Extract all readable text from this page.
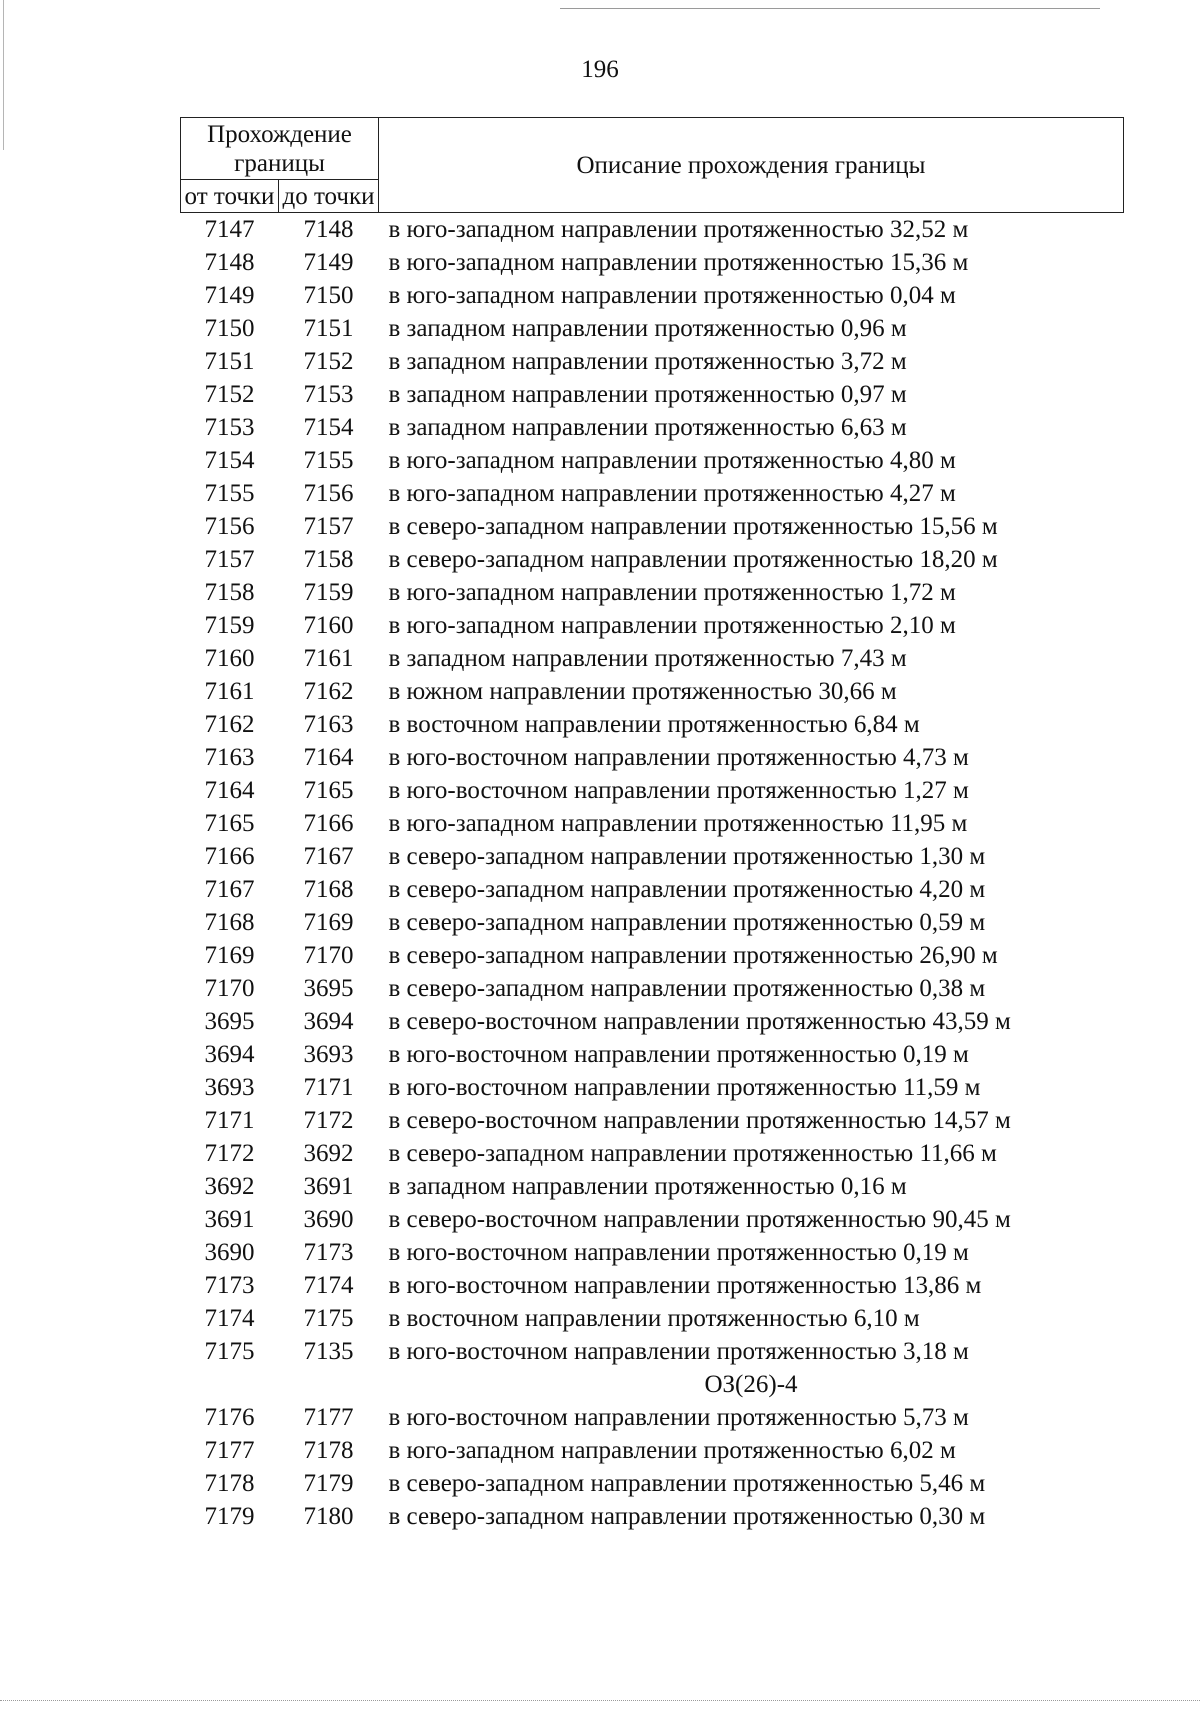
196
Прохождение границы		Описание прохождения границы
от точки	до точки	
7147	7148	в юго-западном направлении протяженностью 32,52 м
7148	7149	в юго-западном направлении протяженностью 15,36 м
7149	7150	в юго-западном направлении протяженностью 0,04 м
7150	7151	в западном направлении протяженностью 0,96 м
7151	7152	в западном направлении протяженностью 3,72 м
7152	7153	в западном направлении протяженностью 0,97 м
7153	7154	в западном направлении протяженностью 6,63 м
7154	7155	в юго-западном направлении протяженностью 4,80 м
7155	7156	в юго-западном направлении протяженностью 4,27 м
7156	7157	в северо-западном направлении протяженностью 15,56 м
7157	7158	в северо-западном направлении протяженностью 18,20 м
7158	7159	в юго-западном направлении протяженностью 1,72 м
7159	7160	в юго-западном направлении протяженностью 2,10 м
7160	7161	в западном направлении протяженностью 7,43 м
7161	7162	в южном направлении протяженностью 30,66 м
7162	7163	в восточном направлении протяженностью 6,84 м
7163	7164	в юго-восточном направлении протяженностью 4,73 м
7164	7165	в юго-восточном направлении протяженностью 1,27 м
7165	7166	в юго-западном направлении протяженностью 11,95 м
7166	7167	в северо-западном направлении протяженностью 1,30 м
7167	7168	в северо-западном направлении протяженностью 4,20 м
7168	7169	в северо-западном направлении протяженностью 0,59 м
7169	7170	в северо-западном направлении протяженностью 26,90 м
7170	3695	в северо-западном направлении протяженностью 0,38 м
3695	3694	в северо-восточном направлении протяженностью 43,59 м
3694	3693	в юго-восточном направлении протяженностью 0,19 м
3693	7171	в юго-восточном направлении протяженностью 11,59 м
7171	7172	в северо-восточном направлении протяженностью 14,57 м
7172	3692	в северо-западном направлении протяженностью 11,66 м
3692	3691	в западном направлении протяженностью 0,16 м
3691	3690	в северо-восточном направлении протяженностью 90,45 м
3690	7173	в юго-восточном направлении протяженностью 0,19 м
7173	7174	в юго-восточном направлении протяженностью 13,86 м
7174	7175	в восточном направлении протяженностью 6,10 м
7175	7135	в юго-восточном направлении протяженностью 3,18 м
		ОЗ(26)-4
7176	7177	в юго-восточном направлении протяженностью 5,73 м
7177	7178	в юго-западном направлении протяженностью 6,02 м
7178	7179	в северо-западном направлении протяженностью 5,46 м
7179	7180	в северо-западном направлении протяженностью 0,30 м
